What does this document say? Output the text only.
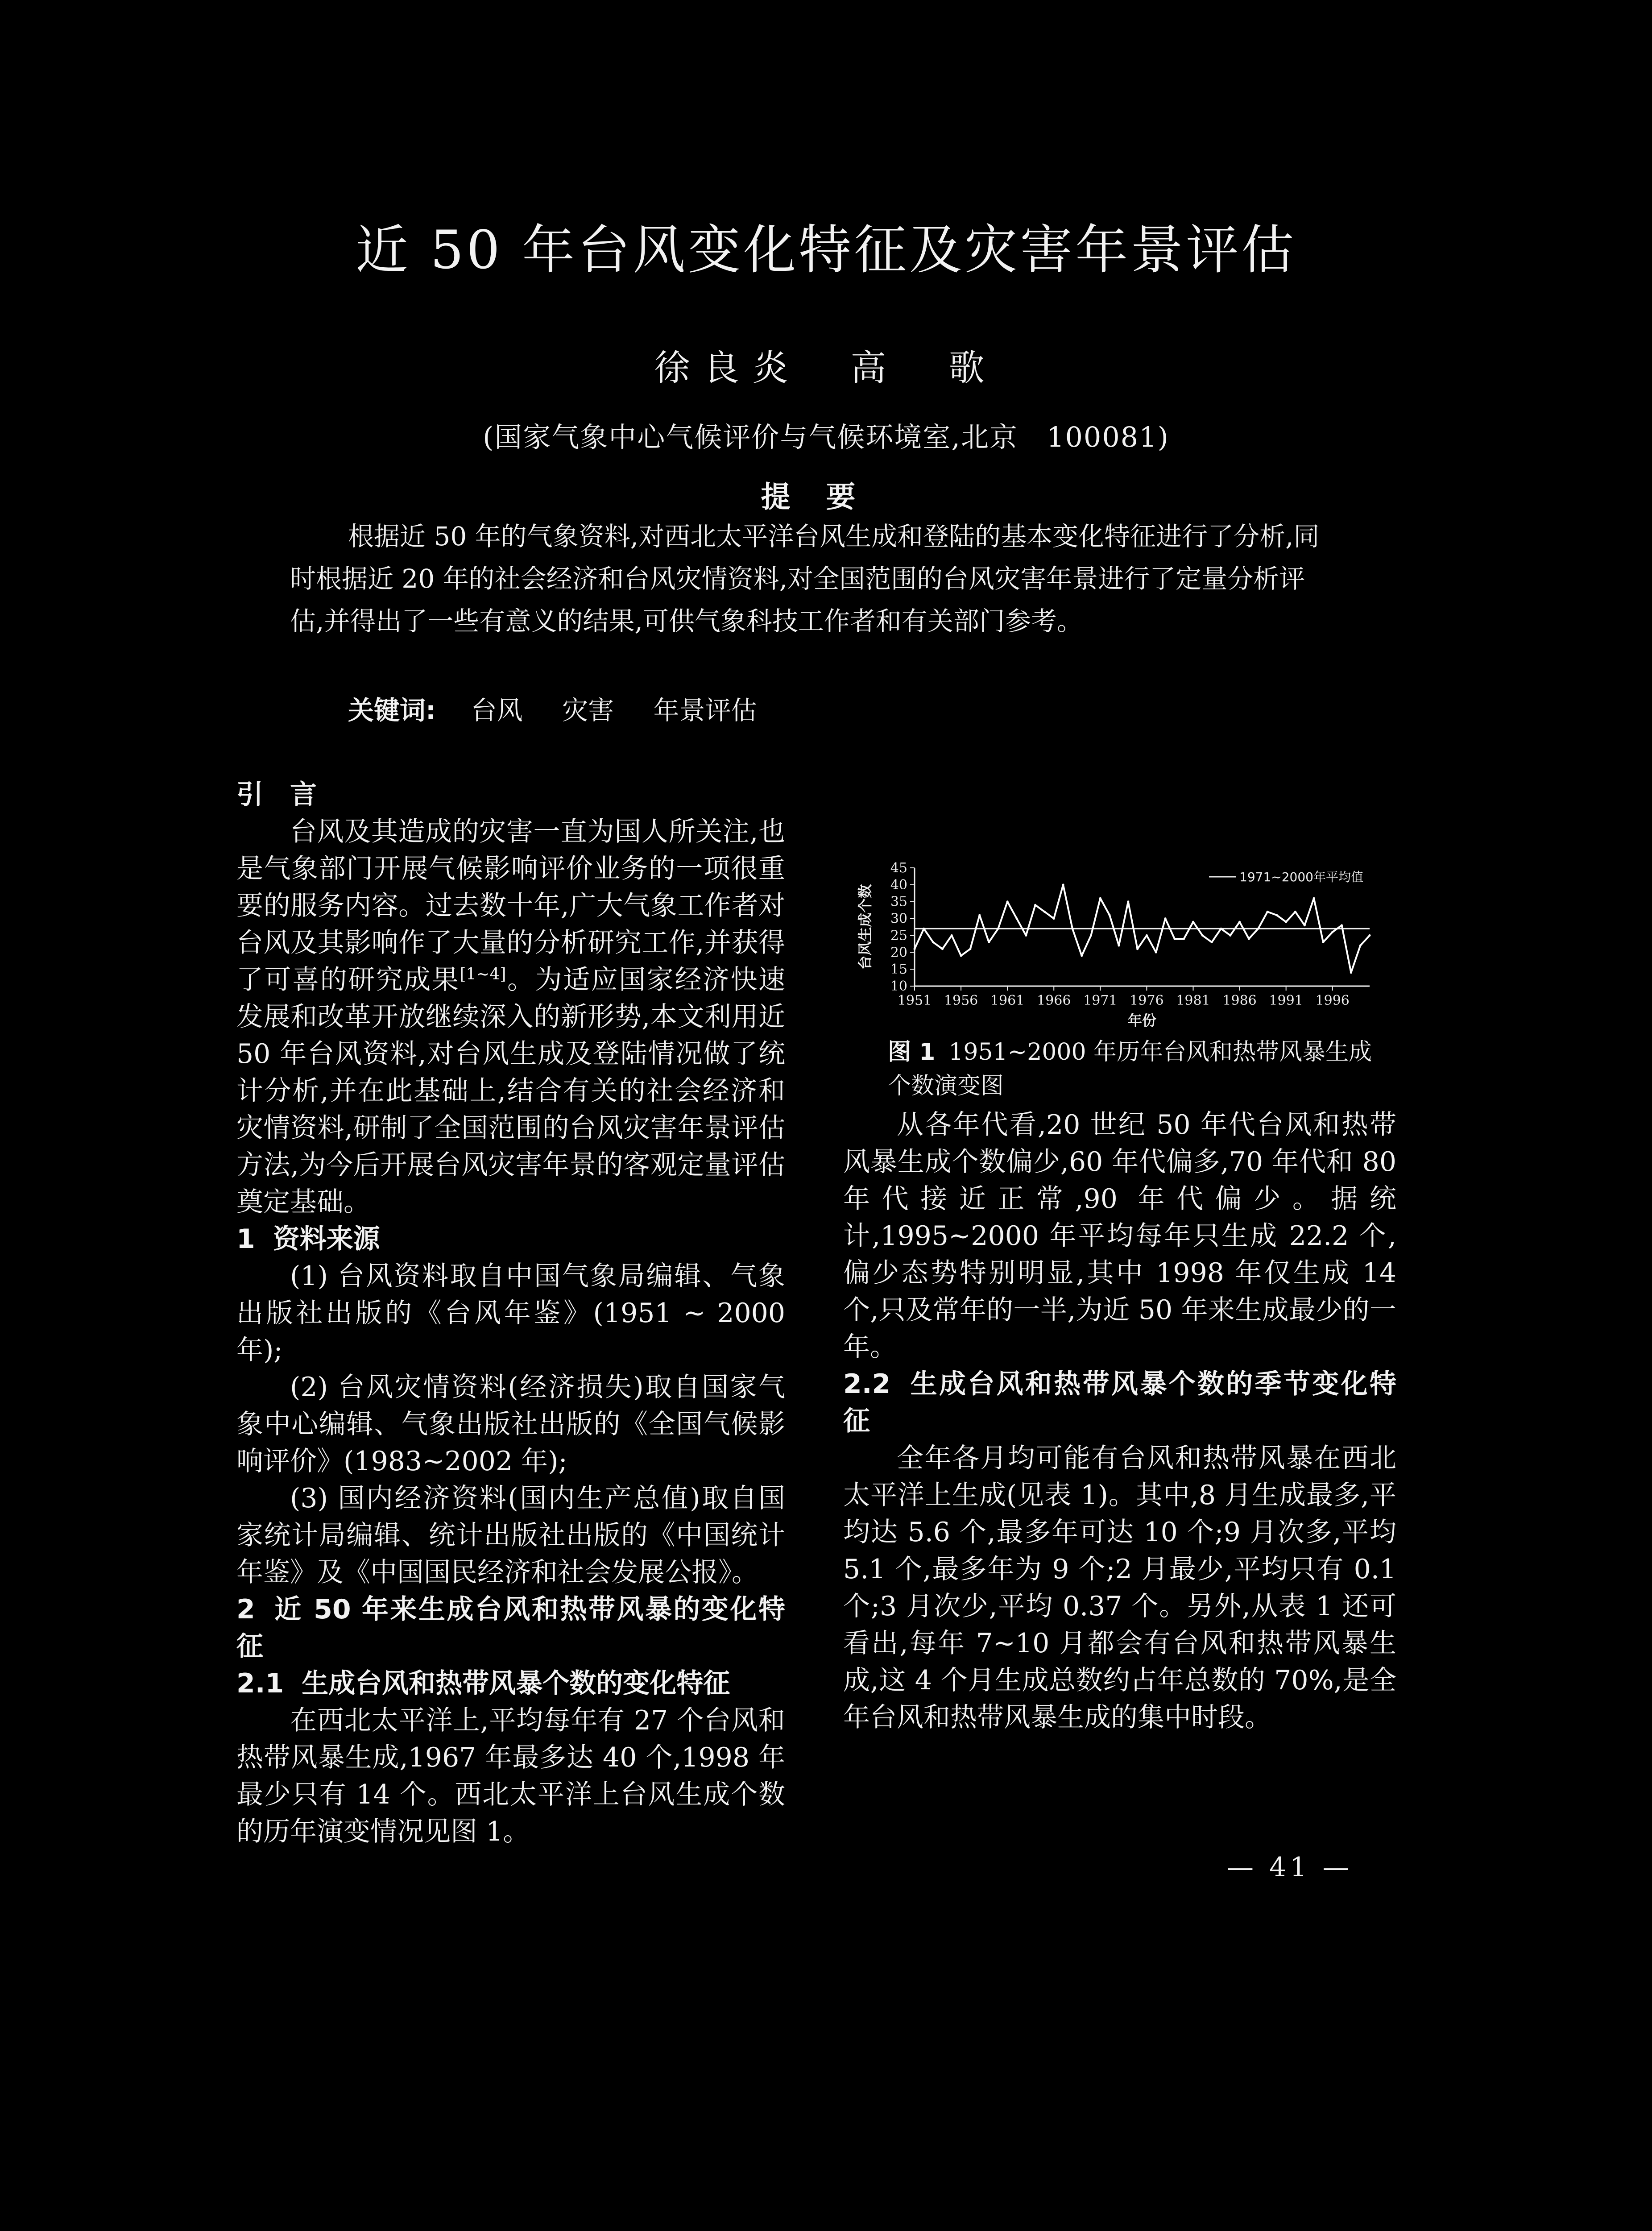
近 50 年台风变化特征及灾害年景评估
徐良炎　高　歌
(国家气象中心气候评价与气候环境室,北京　100081)
提要
根据近 50 年的气象资料,对西北太平洋台风生成和登陆的基本变化特征进行了分析,同时根据近 20 年的社会经济和台风灾情资料,对全国范围的台风灾害年景进行了定量分析评估,并得出了一些有意义的结果,可供气象科技工作者和有关部门参考。
关键词: 台风 灾害 年景评估
引　言

台风及其造成的灾害一直为国人所关注,也是气象部门开展气候影响评价业务的一项很重要的服务内容。过去数十年,广大气象工作者对台风及其影响作了大量的分析研究工作,并获得了可喜的研究成果[1~4]。为适应国家经济快速发展和改革开放继续深入的新形势,本文利用近 50 年台风资料,对台风生成及登陆情况做了统计分析,并在此基础上,结合有关的社会经济和灾情资料,研制了全国范围的台风灾害年景评估方法,为今后开展台风灾害年景的客观定量评估奠定基础。

1 资料来源

(1) 台风资料取自中国气象局编辑、气象出版社出版的《台风年鉴》(1951 ~ 2000 年);

(2) 台风灾情资料(经济损失)取自国家气象中心编辑、气象出版社出版的《全国气候影响评价》(1983~2002 年);

(3) 国内经济资料(国内生产总值)取自国家统计局编辑、统计出版社出版的《中国统计年鉴》及《中国国民经济和社会发展公报》。

2 近 50 年来生成台风和热带风暴的变化特征
2.1 生成台风和热带风暴个数的变化特征

在西北太平洋上,平均每年有 27 个台风和热带风暴生成,1967 年最多达 40 个,1998 年最少只有 14 个。西北太平洋上台风生成个数的历年演变情况见图 1。

10
15
20
25
30
35
40
45
1951 1956 1961 1966 1971 1976 1981 1986 1991 1996
年份
台风生成个数
1971~2000年平均值
图 1 1951~2000 年历年台风和热带风暴生成个数演变图

从各年代看,20 世纪 50 年代台风和热带风暴生成个数偏少,60 年代偏多,70 年代和 80 年代接近正常,90 年代偏少。据统计,1995~2000 年平均每年只生成 22.2 个,偏少态势特别明显,其中 1998 年仅生成 14 个,只及常年的一半,为近 50 年来生成最少的一年。

2.2 生成台风和热带风暴个数的季节变化特征

全年各月均可能有台风和热带风暴在西北太平洋上生成(见表 1)。其中,8 月生成最多,平均达 5.6 个,最多年可达 10 个;9 月次多,平均 5.1 个,最多年为 9 个;2 月最少,平均只有 0.1 个;3 月次少,平均 0.37 个。另外,从表 1 还可看出,每年 7~10 月都会有台风和热带风暴生成,这 4 个月生成总数约占年总数的 70%,是全年台风和热带风暴生成的集中时段。

— 41 —
